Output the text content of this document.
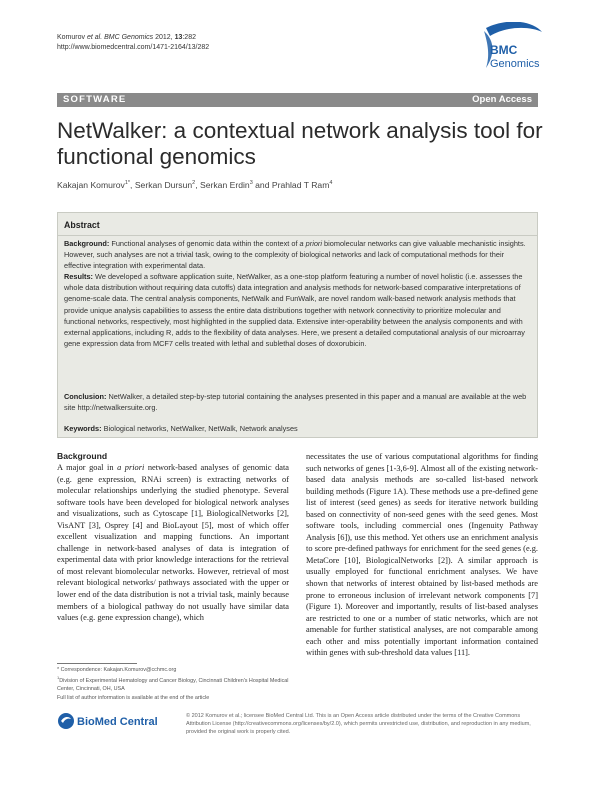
Komurov et al. BMC Genomics 2012, 13:282
http://www.biomedcentral.com/1471-2164/13/282	BMC
Genomics
SOFTWARE	Open Access
NetWalker: a contextual network analysis tool for functional genomics
Kakajan Komurov$^{1*}$, Serkan Dursun$^2$, Serkan Erdin$^3$ and Prahlad T Ram$^4$
Abstract

Background: Functional analyses of genomic data within the context of a priori biomolecular networks can give valuable mechanistic insights. However, such analyses are not a trivial task, owing to the complexity of biological networks and lack of computational methods for their effective integration with experimental data.

Results: We developed a software application suite, NetWalker, as a one-stop platform featuring a number of novel holistic (i.e. assesses the whole data distribution without requiring data cutoffs) data integration and analysis methods for network-based comparative interpretations of genome-scale data. The central analysis components, NetWalk and FunWalk, are novel random walk-based network analysis methods that provide unique analysis capabilities to assess the entire data distributions together with network connectivity to prioritize molecular and functional networks, respectively, most highlighted in the supplied data. Extensive inter-operability between the analysis components and with external applications, including R, adds to the flexibility of data analyses. Here, we present a detailed computational analysis of our microarray gene expression data from MCF7 cells treated with lethal and sublethal doses of doxorubicin.

Conclusion: NetWalker, a detailed step-by-step tutorial containing the analyses presented in this paper and a manual are available at the web site http://netwalkersuite.org.

Keywords: Biological networks, NetWalker, NetWalk, Network analyses

Background

A major goal in a priori network-based analyses of genomic data (e.g. gene expression, RNAi screen) is extracting networks of molecular relationships underlying the studied phenotype. Several software tools have been developed for biological network analyses and visualizations, such as Cytoscape [1], BiologicalNetworks [2], VisANT [3], Osprey [4] and BioLayout [5], most of which offer excellent visualization and mapping functions. An important challenge in network-based analyses of data is integration of experimental data with prior knowledge interactions for the retrieval of most relevant biomolecular networks. However, retrieval of most relevant biological networks/ pathways associated with the upper or lower end of the data distribution is not a trivial task, mainly because members of a biological pathway do not usually have similar data values (e.g. gene expression change), which

necessitates the use of various computational algorithms for finding such networks of genes [1-3,6-9]. Almost all of the existing network-based data analysis methods are so-called list-based network building methods (Figure 1A). These methods use a pre-defined gene list of interest (seed genes) as seeds for iterative network building based on connectivity of non-seed genes with the seed genes. Most software tools, including commercial ones (Ingenuity Pathway Analysis [6]), use this method. Yet others use an enrichment analysis to score pre-defined pathways for enrichment for the seed genes (e.g. MetaCore [10], BiologicalNetworks [2]). A similar approach is usually employed for functional enrichment analyses. We have shown that networks of interest obtained by list-based methods are prone to erroneous inclusion of irrelevant network components [7] (Figure 1). Moreover and importantly, results of list-based analyses are restricted to one or a number of static networks, which are not amenable for further statistical analyses, are not comparable among each other and miss potentially important information contained within genes with sub-threshold data values [11].

* Correspondence: Kakajan.Komurov@cchmc.org
$^1$Division of Experimental Hematology and Cancer Biology, Cincinnati Children's Hospital Medical Center, Cincinnati, OH, USA
Full list of author information is available at the end of the article
BioMed Central	© 2012 Komurov et al.; licensee BioMed Central Ltd. This is an Open Access article distributed under the terms of the Creative Commons Attribution License (http://creativecommons.org/licenses/by/2.0), which permits unrestricted use, distribution, and reproduction in any medium, provided the original work is properly cited.
